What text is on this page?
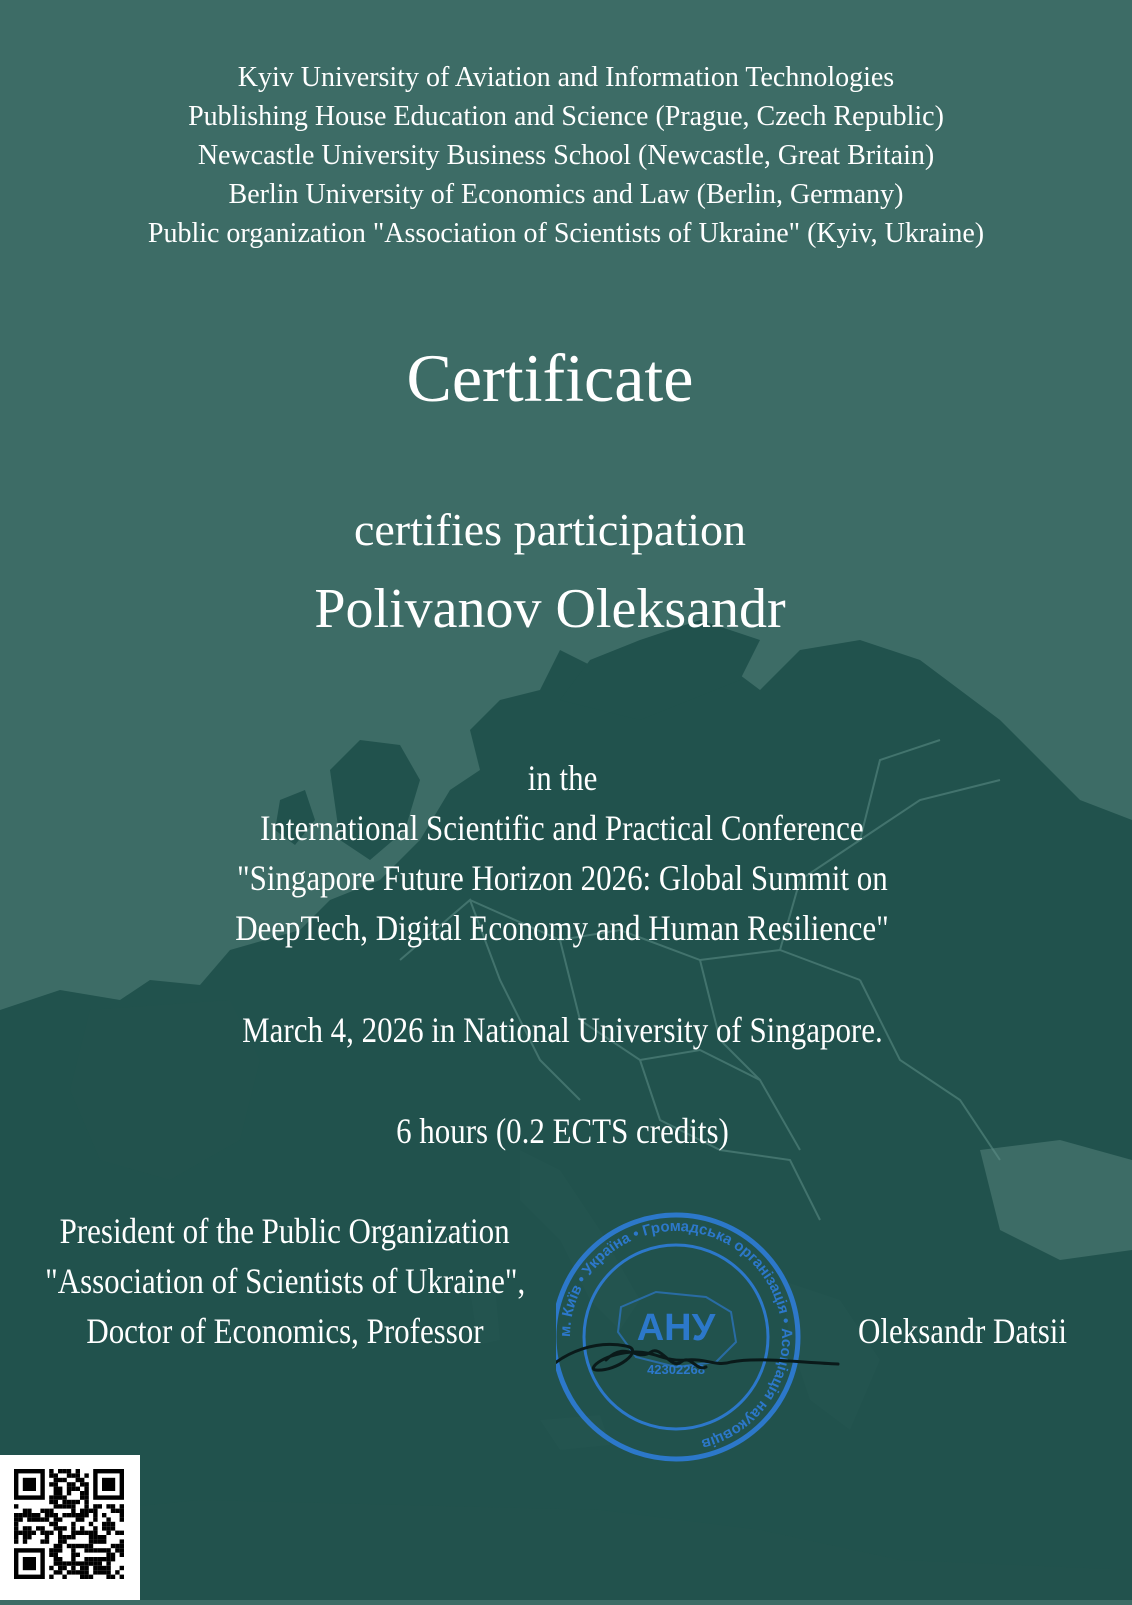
Kyiv University of Aviation and Information Technologies
Publishing House Education and Science (Prague, Czech Republic)
Newcastle University Business School (Newcastle, Great Britain)
Berlin University of Economics and Law (Berlin, Germany)
Public organization "Association of Scientists of Ukraine" (Kyiv, Ukraine)
Certificate
certifies participation
Polivanov Oleksandr
in the
International Scientific and Practical Conference
"Singapore Future Horizon 2026: Global Summit on
DeepTech, Digital Economy and Human Resilience"
March 4, 2026 in National University of Singapore.
6 hours (0.2 ECTS credits)
President of the Public Organization
"Association of Scientists of Ukraine",
Doctor of Economics, Professor	Oleksandr Datsii
м. Київ • Україна • Громадська організація • Асоціація науковців
АНУ
42302268
